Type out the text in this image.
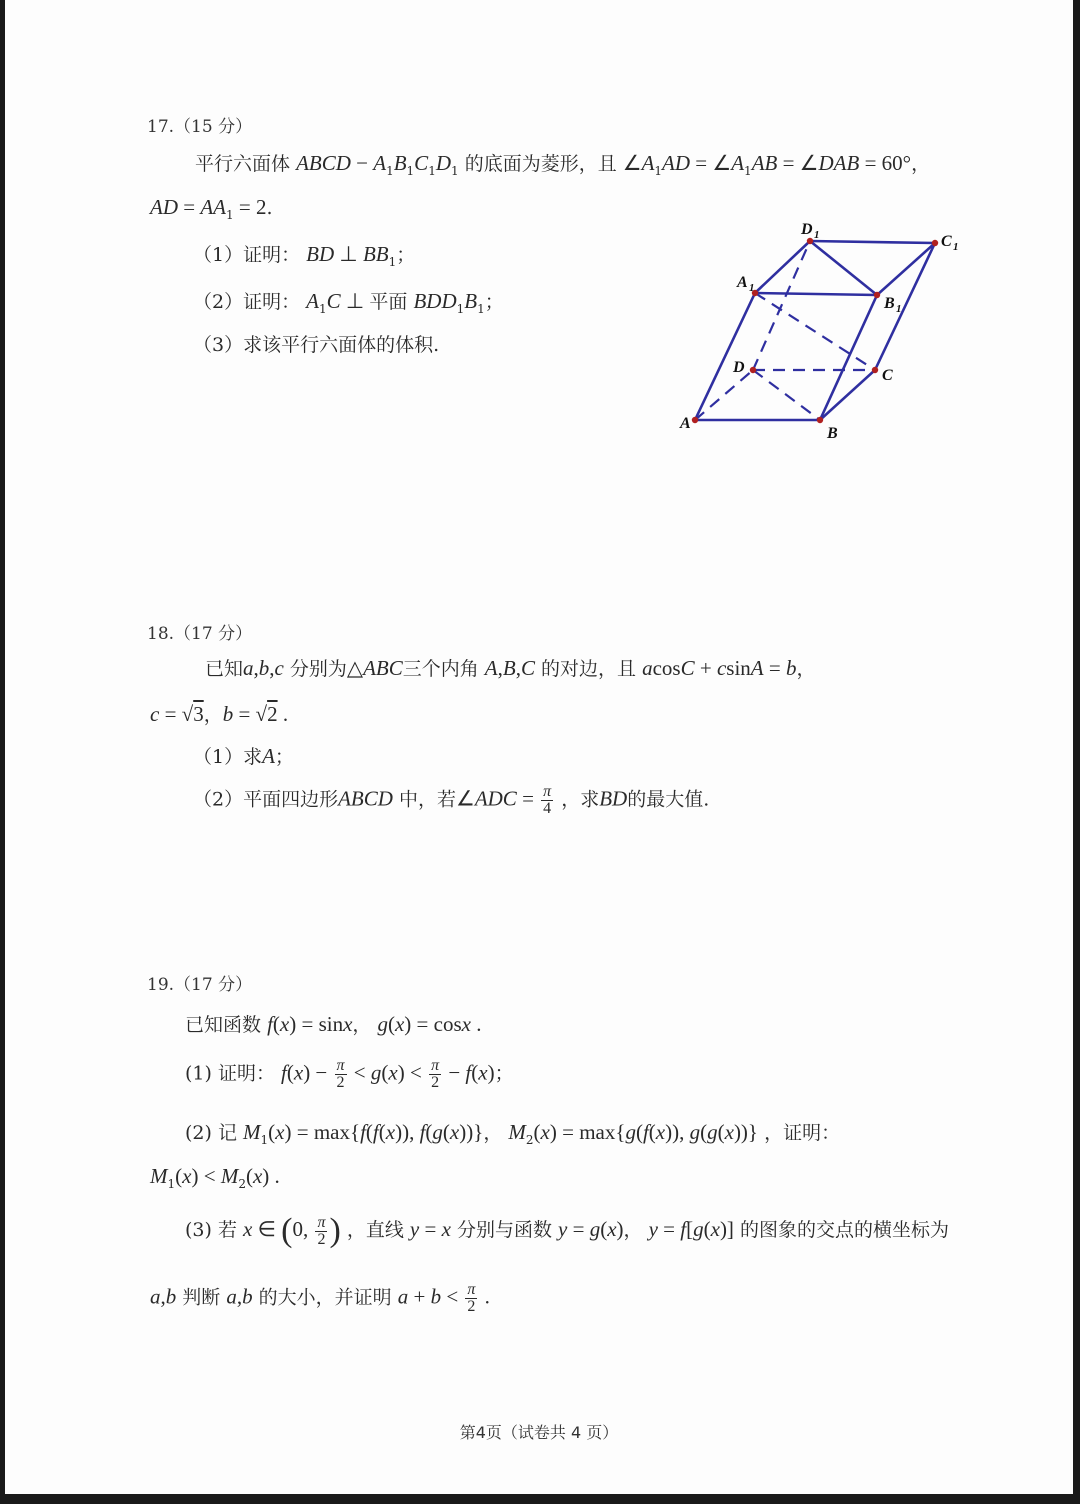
17.（15 分）
平行六面体 ABCD − $A_1B_1C_1D_1$ 的底面为菱形，且 $\angle A_1AD$ = $\angle A_1AB$ = ∠DAB = 60°，
AD = $AA_1 = 2$.
（1）证明： BD ⊥ $BB_1$；
（2）证明： $A_1C$ ⊥ 平面 $BDD_1B_1$；
（3）求该平行六面体的体积.
A
B
C
D
A 1
B 1
C 1
D 1
18.（17 分）
已知a,b,c 分别为△ABC三个内角 A,B,C 的对边，且 acosC + csinA = b，
c = √3，b = √2 .
（1）求A；
（2）平面四边形ABCD 中，若∠ADC = $\frac{\pi}{4}$ ，求BD的最大值.
19.（17 分）
已知函数 f(x) = sinx， g(x) = cosx .
(1) 证明： $f(x) - \frac{\pi}{2} < g(x) < \frac{\pi}{2} - f(x)$；
(2) 记 $M_1(x) = \max\{f(f(x))$, f(g(x))}， $M_2(x) = \max\{g(f(x))$, g(g(x))} ，证明：
$M_1(x) < M_2(x)$ .
(3) 若 x ∈ (0, $\frac{\pi}{2}$ ) ，直线 y = x 分别与函数 y = g(x)， y = f[g(x)] 的图象的交点的横坐标为
a,b 判断 a,b 的大小，并证明 $a + b < \frac{\pi}{2}$ .
第4页（试卷共 4 页）
